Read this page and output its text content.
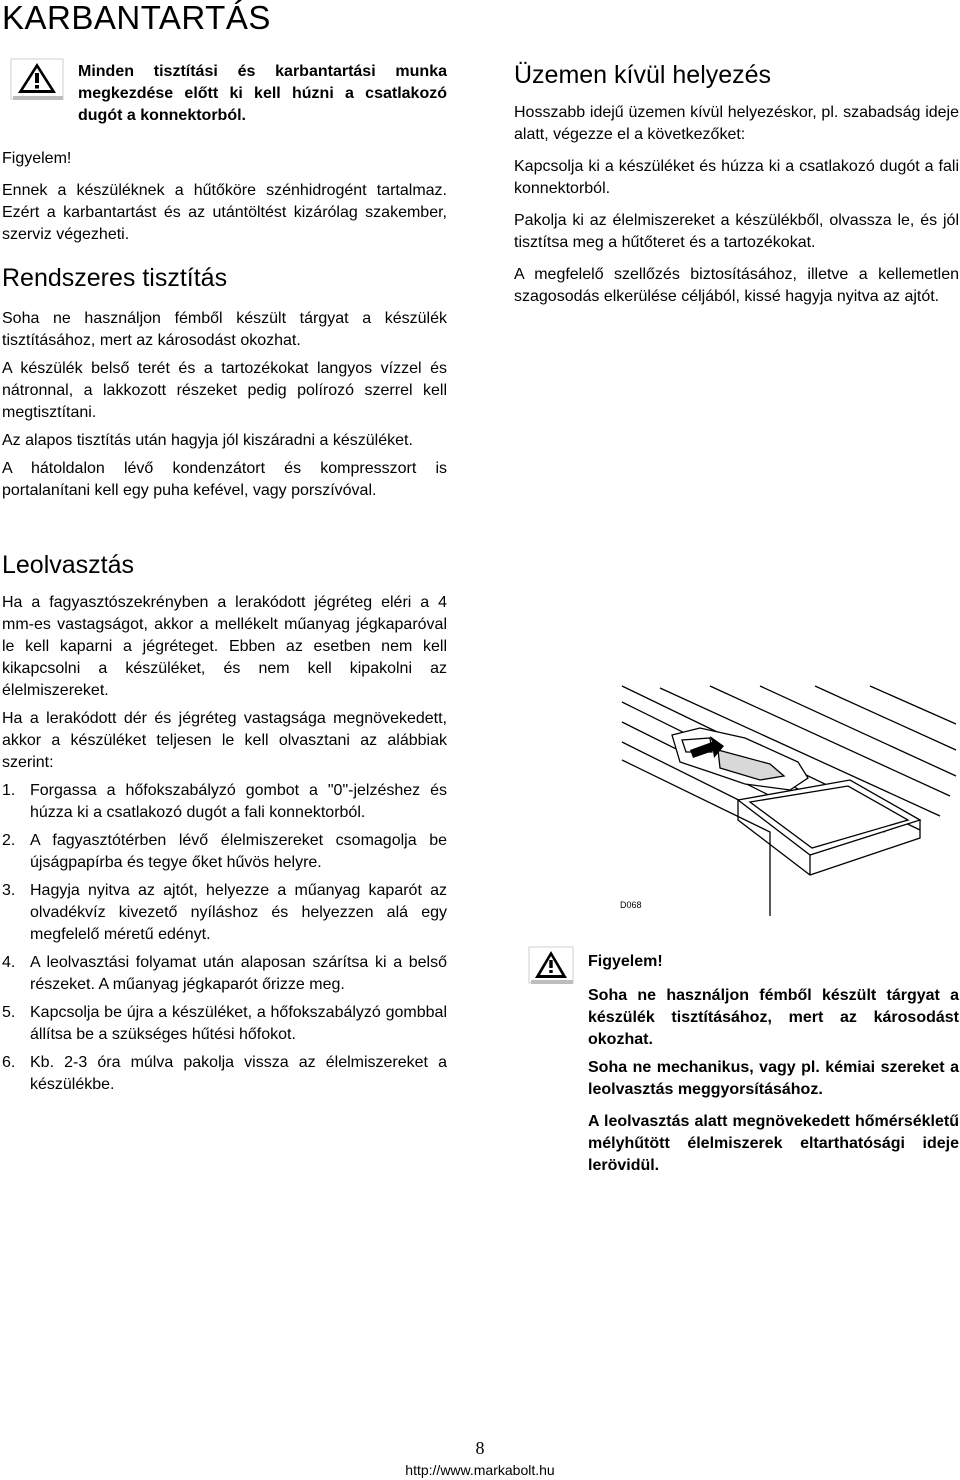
KARBANTARTÁS

Minden tisztítási és karbantartási munka megkezdése előtt ki kell húzni a csatlakozó dugót a konnektorból.

Figyelem!

Ennek a készüléknek a hűtőköre szénhidrogént tartalmaz. Ezért a karbantartást és az utántöltést kizárólag szakember, szerviz végezheti.

Rendszeres tisztítás

Soha ne használjon fémből készült tárgyat a készülék tisztításához, mert az károsodást okozhat.

A készülék belső terét és a tartozékokat langyos vízzel és nátronnal, a lakkozott részeket pedig polírozó szerrel kell megtisztítani.

Az alapos tisztítás után hagyja jól kiszáradni a készüléket.

A hátoldalon lévő kondenzátort és kompresszort is portalanítani kell egy puha kefével, vagy porszívóval.

Leolvasztás

Ha a fagyasztószekrényben a lerakódott jégréteg eléri a 4 mm-es vastagságot, akkor a mellékelt műanyag jégkaparóval le kell kaparni a jégréteget. Ebben az esetben nem kell kikapcsolni a készüléket, és nem kell kipakolni az élelmiszereket.

Ha a lerakódott dér és jégréteg vastagsága megnövekedett, akkor a készüléket teljesen le kell olvasztani az alábbiak szerint:

1. Forgassa a hőfokszabályzó gombot a "0"-jelzéshez és húzza ki a csatlakozó dugót a fali konnektorból.
2. A fagyasztótérben lévő élelmiszereket csomagolja be újságpapírba és tegye őket hűvös helyre.
3. Hagyja nyitva az ajtót, helyezze a műanyag kaparót az olvadékvíz kivezető nyíláshoz és helyezzen alá egy megfelelő méretű edényt.
4. A leolvasztási folyamat után alaposan szárítsa ki a belső részeket. A műanyag jégkaparót őrizze meg.
5. Kapcsolja be újra a készüléket, a hőfokszabályzó gombbal állítsa be a szükséges hűtési hőfokot.
6. Kb. 2-3 óra múlva pakolja vissza az élelmiszereket a készülékbe.
Üzemen kívül helyezés

Hosszabb idejű üzemen kívül helyezéskor, pl. szabadság ideje alatt, végezze el a következőket:

Kapcsolja ki a készüléket és húzza ki a csatlakozó dugót a fali konnektorból.

Pakolja ki az élelmiszereket a készülékből, olvassza le, és jól tisztítsa meg a hűtőteret és a tartozékokat.

A megfelelő szellőzés biztosításához, illetve a kellemetlen szagosodás elkerülése céljából, kissé hagyja nyitva az ajtót.

D068

Figyelem!

Soha ne használjon fémből készült tárgyat a készülék tisztításához, mert az károsodást okozhat.

Soha ne mechanikus, vagy pl. kémiai szereket a leolvasztás meggyorsításához.

A leolvasztás alatt megnövekedett hőmérsékletű mélyhűtött élelmiszerek eltarthatósági ideje lerövidül.

8
http://www.markabolt.hu
